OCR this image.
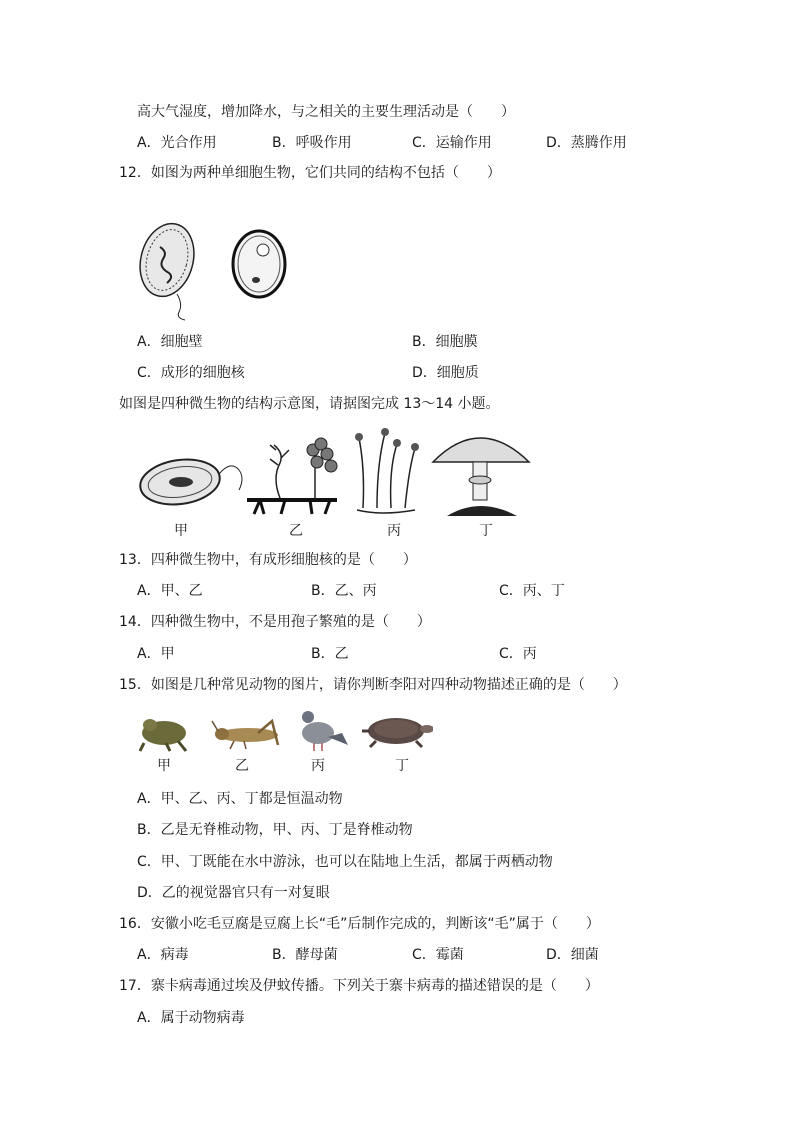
高大气湿度，增加降水，与之相关的主要生理活动是（　　）
A．光合作用	B．呼吸作用	C．运输作用	D．蒸腾作用
12．如图为两种单细胞生物，它们共同的结构不包括（　　）
A．细胞壁	B．细胞膜
C．成形的细胞核	D．细胞质
如图是四种微生物的结构示意图，请据图完成 13～14 小题。
甲	乙	丙	丁
13．四种微生物中，有成形细胞核的是（　　）
A．甲、乙	B．乙、丙	C．丙、丁
14．四种微生物中，不是用孢子繁殖的是（　　）
A．甲	B．乙	C．丙
15．如图是几种常见动物的图片，请你判断李阳对四种动物描述正确的是（　　）
甲	乙	丙	丁
A．甲、乙、丙、丁都是恒温动物
B．乙是无脊椎动物，甲、丙、丁是脊椎动物
C．甲、丁既能在水中游泳，也可以在陆地上生活，都属于两栖动物
D．乙的视觉器官只有一对复眼
16．安徽小吃毛豆腐是豆腐上长“毛”后制作完成的，判断该“毛”属于（　　）
A．病毒	B．酵母菌	C．霉菌	D．细菌
17．寨卡病毒通过埃及伊蚊传播。下列关于寨卡病毒的描述错误的是（　　）
A．属于动物病毒
